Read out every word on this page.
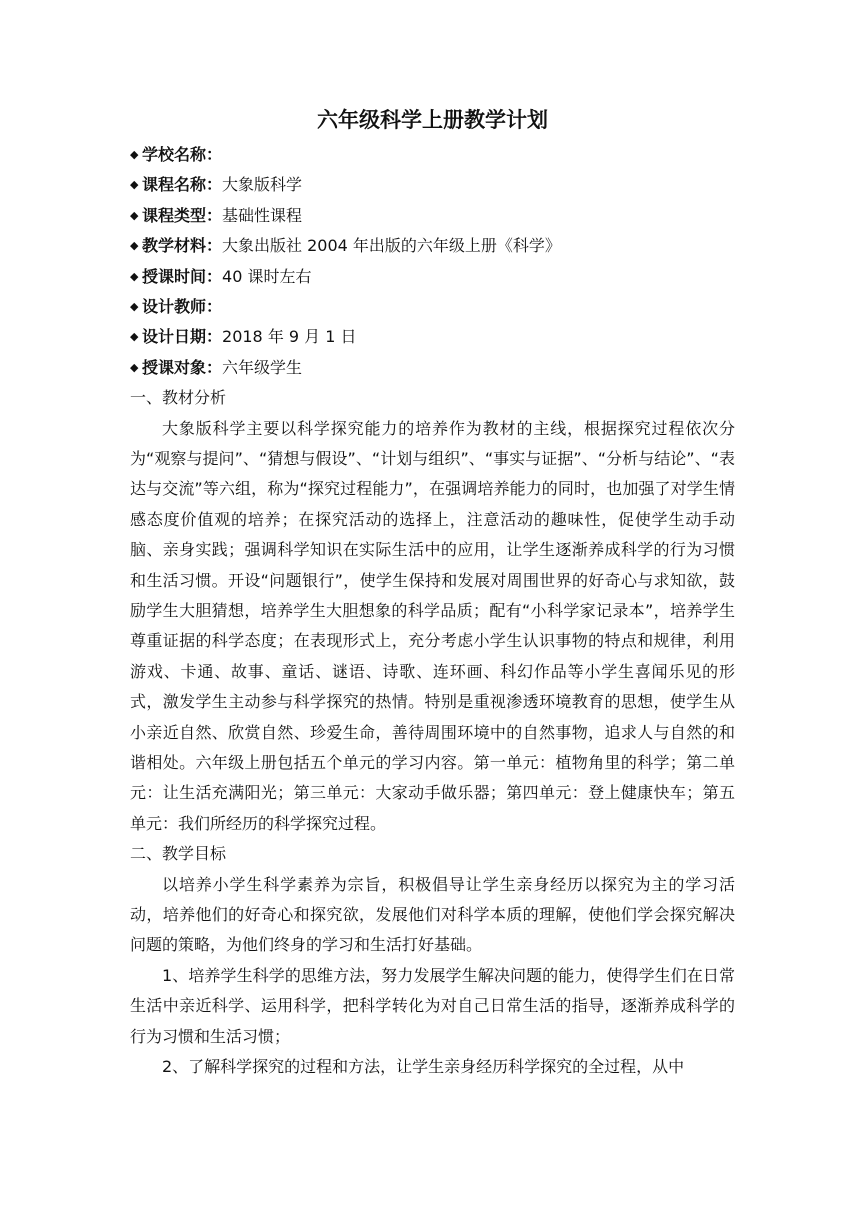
六年级科学上册教学计划
◆ 学校名称：
◆ 课程名称：大象版科学
◆ 课程类型：基础性课程
◆ 教学材料：大象出版社 2004 年出版的六年级上册《科学》
◆ 授课时间：40 课时左右
◆ 设计教师：
◆ 设计日期：2018 年 9 月 1 日
◆ 授课对象：六年级学生
一、教材分析

大象版科学主要以科学探究能力的培养作为教材的主线，根据探究过程依次分为“观察与提问”、“猜想与假设”、“计划与组织”、“事实与证据”、“分析与结论”、“表达与交流”等六组，称为“探究过程能力”，在强调培养能力的同时，也加强了对学生情感态度价值观的培养；在探究活动的选择上，注意活动的趣味性，促使学生动手动脑、亲身实践；强调科学知识在实际生活中的应用，让学生逐渐养成科学的行为习惯和生活习惯。开设“问题银行”，使学生保持和发展对周围世界的好奇心与求知欲，鼓励学生大胆猜想，培养学生大胆想象的科学品质；配有“小科学家记录本”，培养学生尊重证据的科学态度；在表现形式上，充分考虑小学生认识事物的特点和规律，利用游戏、卡通、故事、童话、谜语、诗歌、连环画、科幻作品等小学生喜闻乐见的形式，激发学生主动参与科学探究的热情。特别是重视渗透环境教育的思想，使学生从小亲近自然、欣赏自然、珍爱生命，善待周围环境中的自然事物，追求人与自然的和谐相处。六年级上册包括五个单元的学习内容。第一单元：植物角里的科学；第二单元：让生活充满阳光；第三单元：大家动手做乐器；第四单元：登上健康快车；第五单元：我们所经历的科学探究过程。

二、教学目标

以培养小学生科学素养为宗旨，积极倡导让学生亲身经历以探究为主的学习活动，培养他们的好奇心和探究欲，发展他们对科学本质的理解，使他们学会探究解决问题的策略，为他们终身的学习和生活打好基础。

1、培养学生科学的思维方法，努力发展学生解决问题的能力，使得学生们在日常生活中亲近科学、运用科学，把科学转化为对自己日常生活的指导，逐渐养成科学的行为习惯和生活习惯；

2、了解科学探究的过程和方法，让学生亲身经历科学探究的全过程，从中
